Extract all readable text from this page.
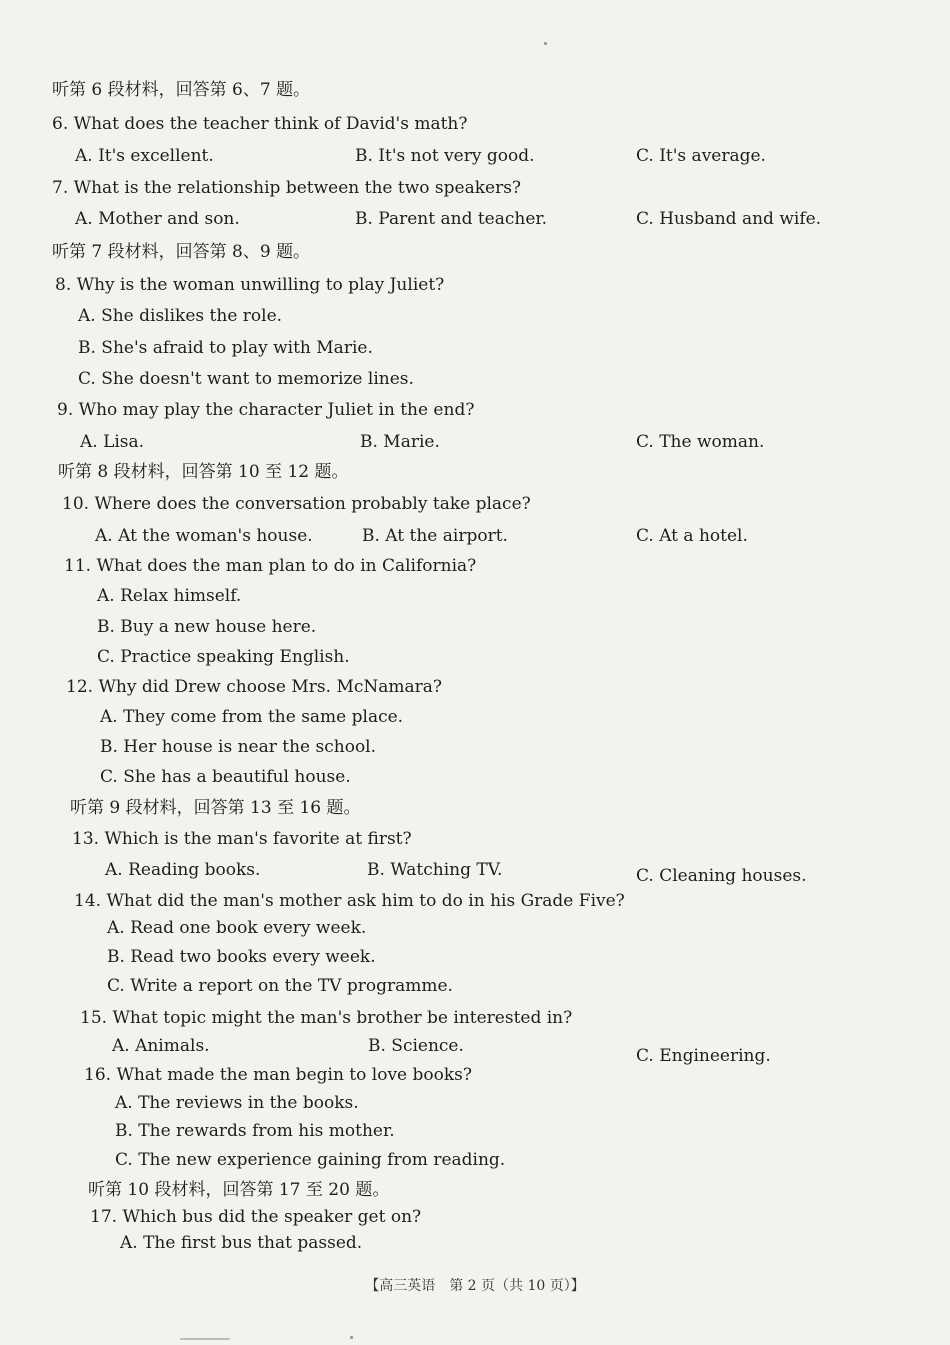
听第 6 段材料，回答第 6、7 题。
6. What does the teacher think of David's math?
A. It's excellent.	B. It's not very good.	C. It's average.
7. What is the relationship between the two speakers?
A. Mother and son.	B. Parent and teacher.	C. Husband and wife.
听第 7 段材料，回答第 8、9 题。
8. Why is the woman unwilling to play Juliet?
A. She dislikes the role.
B. She's afraid to play with Marie.
C. She doesn't want to memorize lines.
9. Who may play the character Juliet in the end?
A. Lisa.	B. Marie.	C. The woman.
听第 8 段材料，回答第 10 至 12 题。
10. Where does the conversation probably take place?
A. At the woman's house.	B. At the airport.	C. At a hotel.
11. What does the man plan to do in California?
A. Relax himself.
B. Buy a new house here.
C. Practice speaking English.
12. Why did Drew choose Mrs. McNamara?
A. They come from the same place.
B. Her house is near the school.
C. She has a beautiful house.
听第 9 段材料，回答第 13 至 16 题。
13. Which is the man's favorite at first?
A. Reading books.	B. Watching TV.	C. Cleaning houses.
14. What did the man's mother ask him to do in his Grade Five?
A. Read one book every week.
B. Read two books every week.
C. Write a report on the TV programme.
15. What topic might the man's brother be interested in?
A. Animals.	B. Science.	C. Engineering.
16. What made the man begin to love books?
A. The reviews in the books.
B. The rewards from his mother.
C. The new experience gaining from reading.
听第 10 段材料，回答第 17 至 20 题。
17. Which bus did the speaker get on?
A. The first bus that passed.
【高三英语　第 2 页（共 10 页）】
